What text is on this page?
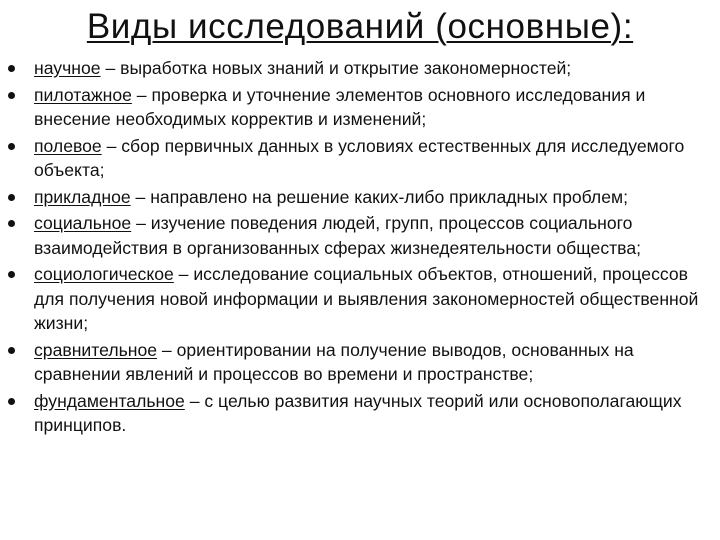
Виды исследований (основные):
научное – выработка новых знаний и открытие закономерностей;
пилотажное – проверка и уточнение элементов основного исследования и внесение необходимых корректив и изменений;
полевое – сбор первичных данных в условиях естественных для исследуемого объекта;
прикладное – направлено на решение каких-либо прикладных проблем;
социальное – изучение поведения людей, групп, процессов социального взаимодействия в организованных сферах жизнедеятельности общества;
социологическое – исследование социальных объектов, отношений, процессов для получения новой информации и выявления закономерностей общественной жизни;
сравнительное – ориентировании на получение выводов, основанных на сравнении явлений и процессов во времени и пространстве;
фундаментальное – с целью развития научных теорий или основополагающих принципов.
